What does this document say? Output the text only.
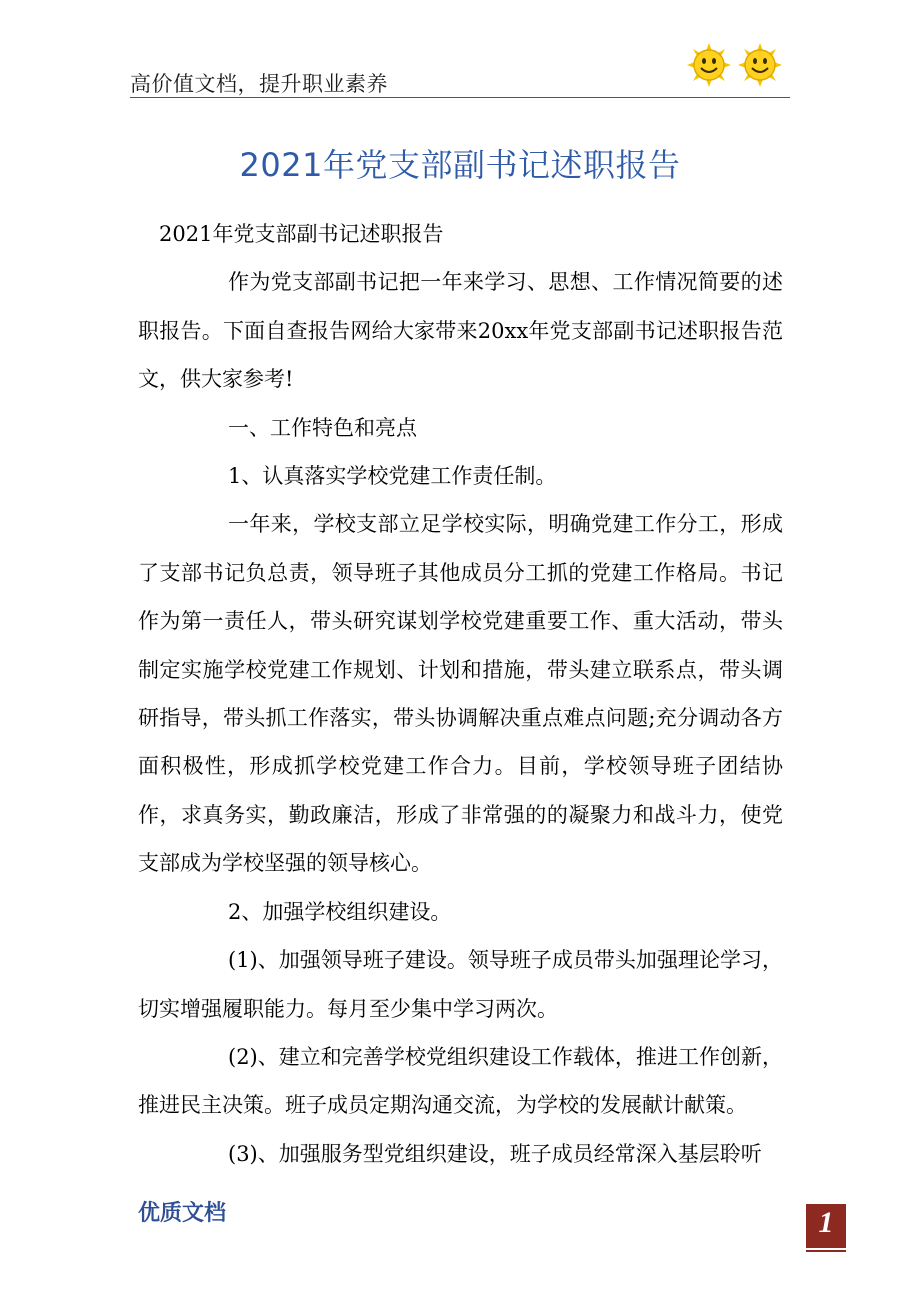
高价值文档，提升职业素养
2021年党支部副书记述职报告

2021年党支部副书记述职报告

作为党支部副书记把一年来学习、思想、工作情况简要的述职报告。下面自查报告网给大家带来20xx年党支部副书记述职报告范文，供大家参考!

一、工作特色和亮点

1、认真落实学校党建工作责任制。

一年来，学校支部立足学校实际，明确党建工作分工，形成了支部书记负总责，领导班子其他成员分工抓的党建工作格局。书记作为第一责任人，带头研究谋划学校党建重要工作、重大活动，带头制定实施学校党建工作规划、计划和措施，带头建立联系点，带头调研指导，带头抓工作落实，带头协调解决重点难点问题;充分调动各方面积极性，形成抓学校党建工作合力。目前，学校领导班子团结协作，求真务实，勤政廉洁，形成了非常强的的凝聚力和战斗力，使党支部成为学校坚强的领导核心。

2、加强学校组织建设。

(1)、加强领导班子建设。领导班子成员带头加强理论学习，切实增强履职能力。每月至少集中学习两次。

(2)、建立和完善学校党组织建设工作载体，推进工作创新，推进民主决策。班子成员定期沟通交流，为学校的发展献计献策。

(3)、加强服务型党组织建设，班子成员经常深入基层聆听

优质文档	1
